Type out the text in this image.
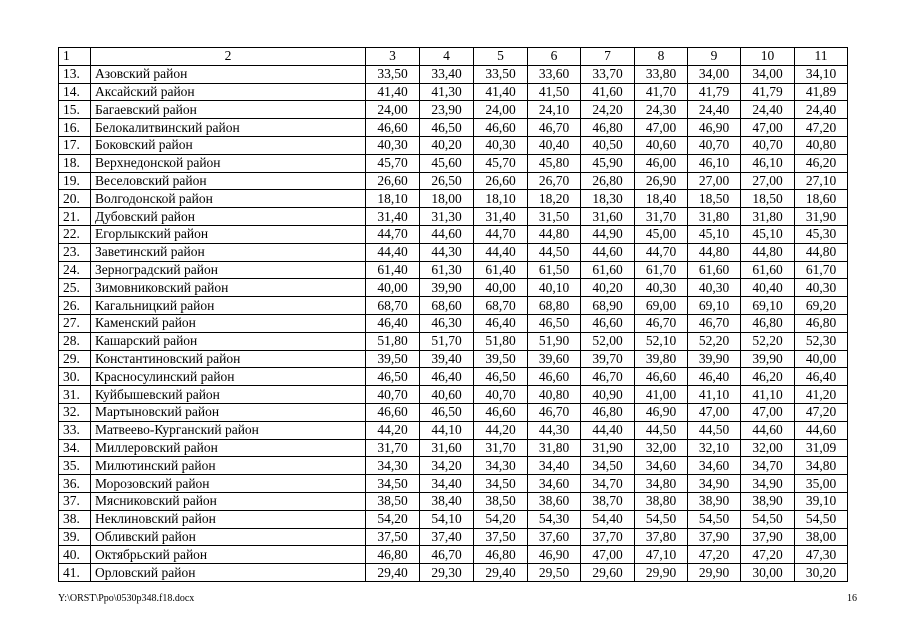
1	2	3	4	5	6	7	8	9	10	11
13.	Азовский район	33,50	33,40	33,50	33,60	33,70	33,80	34,00	34,00	34,10
14.	Аксайский район	41,40	41,30	41,40	41,50	41,60	41,70	41,79	41,79	41,89
15.	Багаевский район	24,00	23,90	24,00	24,10	24,20	24,30	24,40	24,40	24,40
16.	Белокалитвинский район	46,60	46,50	46,60	46,70	46,80	47,00	46,90	47,00	47,20
17.	Боковский район	40,30	40,20	40,30	40,40	40,50	40,60	40,70	40,70	40,80
18.	Верхнедонской район	45,70	45,60	45,70	45,80	45,90	46,00	46,10	46,10	46,20
19.	Веселовский район	26,60	26,50	26,60	26,70	26,80	26,90	27,00	27,00	27,10
20.	Волгодонской район	18,10	18,00	18,10	18,20	18,30	18,40	18,50	18,50	18,60
21.	Дубовский район	31,40	31,30	31,40	31,50	31,60	31,70	31,80	31,80	31,90
22.	Егорлыкский район	44,70	44,60	44,70	44,80	44,90	45,00	45,10	45,10	45,30
23.	Заветинский район	44,40	44,30	44,40	44,50	44,60	44,70	44,80	44,80	44,80
24.	Зерноградский район	61,40	61,30	61,40	61,50	61,60	61,70	61,60	61,60	61,70
25.	Зимовниковский район	40,00	39,90	40,00	40,10	40,20	40,30	40,30	40,40	40,30
26.	Кагальницкий район	68,70	68,60	68,70	68,80	68,90	69,00	69,10	69,10	69,20
27.	Каменский район	46,40	46,30	46,40	46,50	46,60	46,70	46,70	46,80	46,80
28.	Кашарский район	51,80	51,70	51,80	51,90	52,00	52,10	52,20	52,20	52,30
29.	Константиновский район	39,50	39,40	39,50	39,60	39,70	39,80	39,90	39,90	40,00
30.	Красносулинский район	46,50	46,40	46,50	46,60	46,70	46,60	46,40	46,20	46,40
31.	Куйбышевский район	40,70	40,60	40,70	40,80	40,90	41,00	41,10	41,10	41,20
32.	Мартыновский район	46,60	46,50	46,60	46,70	46,80	46,90	47,00	47,00	47,20
33.	Матвеево-Курганский район	44,20	44,10	44,20	44,30	44,40	44,50	44,50	44,60	44,60
34.	Миллеровский район	31,70	31,60	31,70	31,80	31,90	32,00	32,10	32,00	31,09
35.	Милютинский район	34,30	34,20	34,30	34,40	34,50	34,60	34,60	34,70	34,80
36.	Морозовский район	34,50	34,40	34,50	34,60	34,70	34,80	34,90	34,90	35,00
37.	Мясниковский район	38,50	38,40	38,50	38,60	38,70	38,80	38,90	38,90	39,10
38.	Неклиновский район	54,20	54,10	54,20	54,30	54,40	54,50	54,50	54,50	54,50
39.	Обливский район	37,50	37,40	37,50	37,60	37,70	37,80	37,90	37,90	38,00
40.	Октябрьский район	46,80	46,70	46,80	46,90	47,00	47,10	47,20	47,20	47,30
41.	Орловский район	29,40	29,30	29,40	29,50	29,60	29,90	29,90	30,00	30,20
Y:\ORST\Ppo\0530p348.f18.docx	16
